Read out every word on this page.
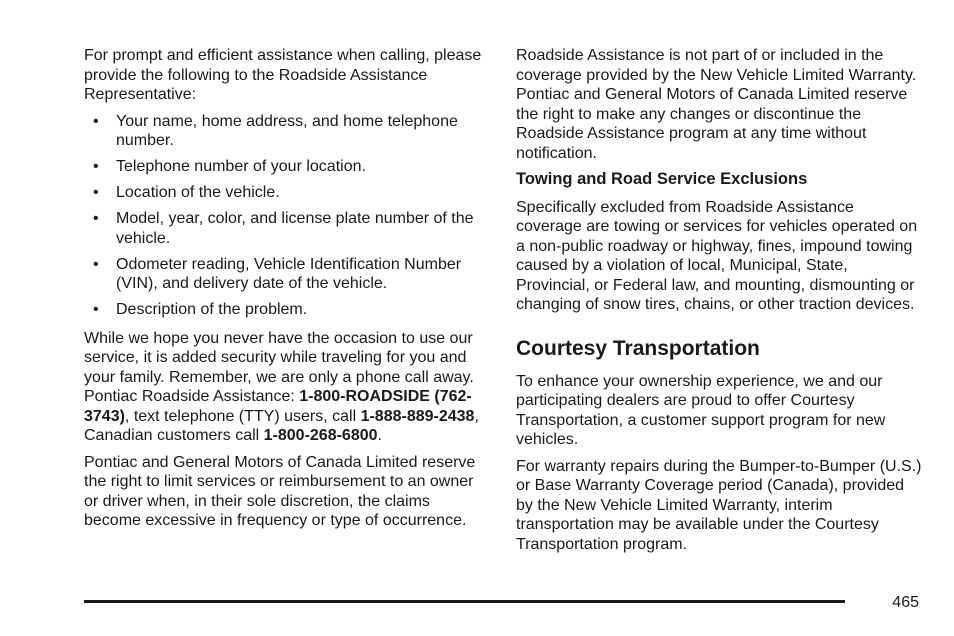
For prompt and efficient assistance when calling, please provide the following to the Roadside Assistance Representative:

• Your name, home address, and home telephone number.
• Telephone number of your location.
• Location of the vehicle.
• Model, year, color, and license plate number of the vehicle.
• Odometer reading, Vehicle Identification Number (VIN), and delivery date of the vehicle.
• Description of the problem.

While we hope you never have the occasion to use our service, it is added security while traveling for you and your family. Remember, we are only a phone call away. Pontiac Roadside Assistance: 1-800-ROADSIDE (762-3743), text telephone (TTY) users, call 1-888-889-2438, Canadian customers call 1-800-268-6800.

Pontiac and General Motors of Canada Limited reserve the right to limit services or reimbursement to an owner or driver when, in their sole discretion, the claims become excessive in frequency or type of occurrence.

Roadside Assistance is not part of or included in the coverage provided by the New Vehicle Limited Warranty. Pontiac and General Motors of Canada Limited reserve the right to make any changes or discontinue the Roadside Assistance program at any time without notification.

Towing and Road Service Exclusions

Specifically excluded from Roadside Assistance coverage are towing or services for vehicles operated on a non-public roadway or highway, fines, impound towing caused by a violation of local, Municipal, State, Provincial, or Federal law, and mounting, dismounting or changing of snow tires, chains, or other traction devices.

Courtesy Transportation

To enhance your ownership experience, we and our participating dealers are proud to offer Courtesy Transportation, a customer support program for new vehicles.

For warranty repairs during the Bumper-to-Bumper (U.S.) or Base Warranty Coverage period (Canada), provided by the New Vehicle Limited Warranty, interim transportation may be available under the Courtesy Transportation program.

465
